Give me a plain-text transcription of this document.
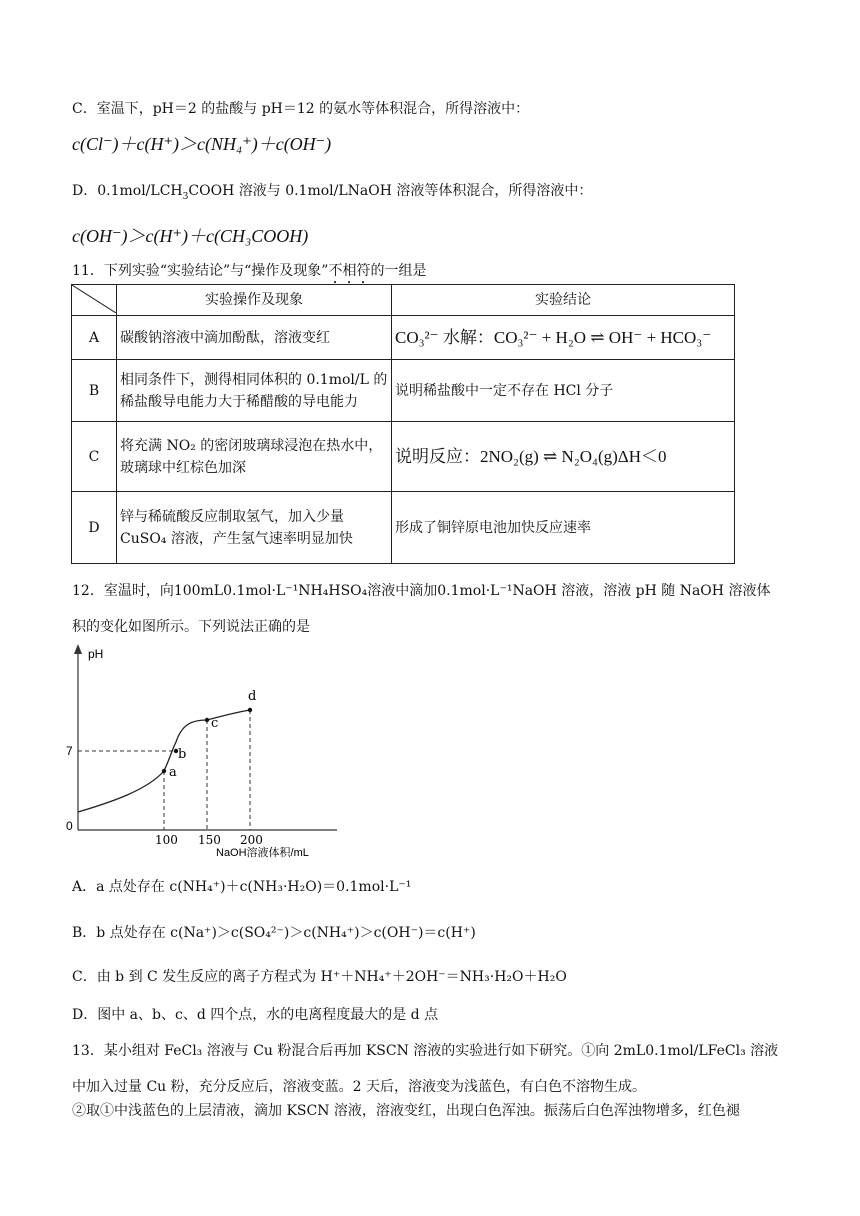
C．室温下，pH＝2 的盐酸与 pH＝12 的氨水等体积混合，所得溶液中：
c(Cl⁻)＋c(H⁺)＞c(NH₄⁺)＋c(OH⁻)
D．$0.1mol/LCH_3COOH$ 溶液与 0.1mol/LNaOH 溶液等体积混合，所得溶液中：
c(OH⁻)＞c(H⁺)＋c(CH₃COOH)
11．下列实验“实验结论”与“操作及现象”不相符的一组是
	实验操作及现象	实验结论
A	碳酸钠溶液中滴加酚酞，溶液变红	CO₃²⁻ 水解：CO₃²⁻ + H₂O ⇌ OH⁻ + HCO₃⁻
B	相同条件下，测得相同体积的 0.1mol/L 的稀盐酸导电能力大于稀醋酸的导电能力	说明稀盐酸中一定不存在 HCl 分子
C	将充满 NO₂ 的密闭玻璃球浸泡在热水中，玻璃球中红棕色加深	说明反应：2NO₂(g) ⇌ N₂O₄(g)ΔH＜0
D	锌与稀硫酸反应制取氢气，加入少量 CuSO₄ 溶液，产生氢气速率明显加快	形成了铜锌原电池加快反应速率
12．室温时，向100mL0.1mol·L⁻¹NH₄HSO₄溶液中滴加0.1mol·L⁻¹NaOH 溶液，溶液 pH 随 NaOH 溶液体
积的变化如图所示。下列说法正确的是
pH
0
7
a
b
c
d
100 150 200
NaOH溶液体积/mL
A．a 点处存在 c(NH₄⁺)＋c(NH₃·H₂O)＝0.1mol·L⁻¹
B．b 点处存在 c(Na⁺)＞c(SO₄²⁻)＞c(NH₄⁺)＞c(OH⁻)＝c(H⁺)
C．由 b 到 C 发生反应的离子方程式为 H⁺＋NH₄⁺＋2OH⁻＝NH₃·H₂O＋H₂O
D．图中 a、b、c、d 四个点，水的电离程度最大的是 d 点
13．某小组对 FeCl₃ 溶液与 Cu 粉混合后再加 KSCN 溶液的实验进行如下研究。①向 2mL0.1mol/LFeCl₃ 溶液
中加入过量 Cu 粉，充分反应后，溶液变蓝。2 天后，溶液变为浅蓝色，有白色不溶物生成。
②取①中浅蓝色的上层清液，滴加 KSCN 溶液，溶液变红，出现白色浑浊。振荡后白色浑浊物增多，红色褪
